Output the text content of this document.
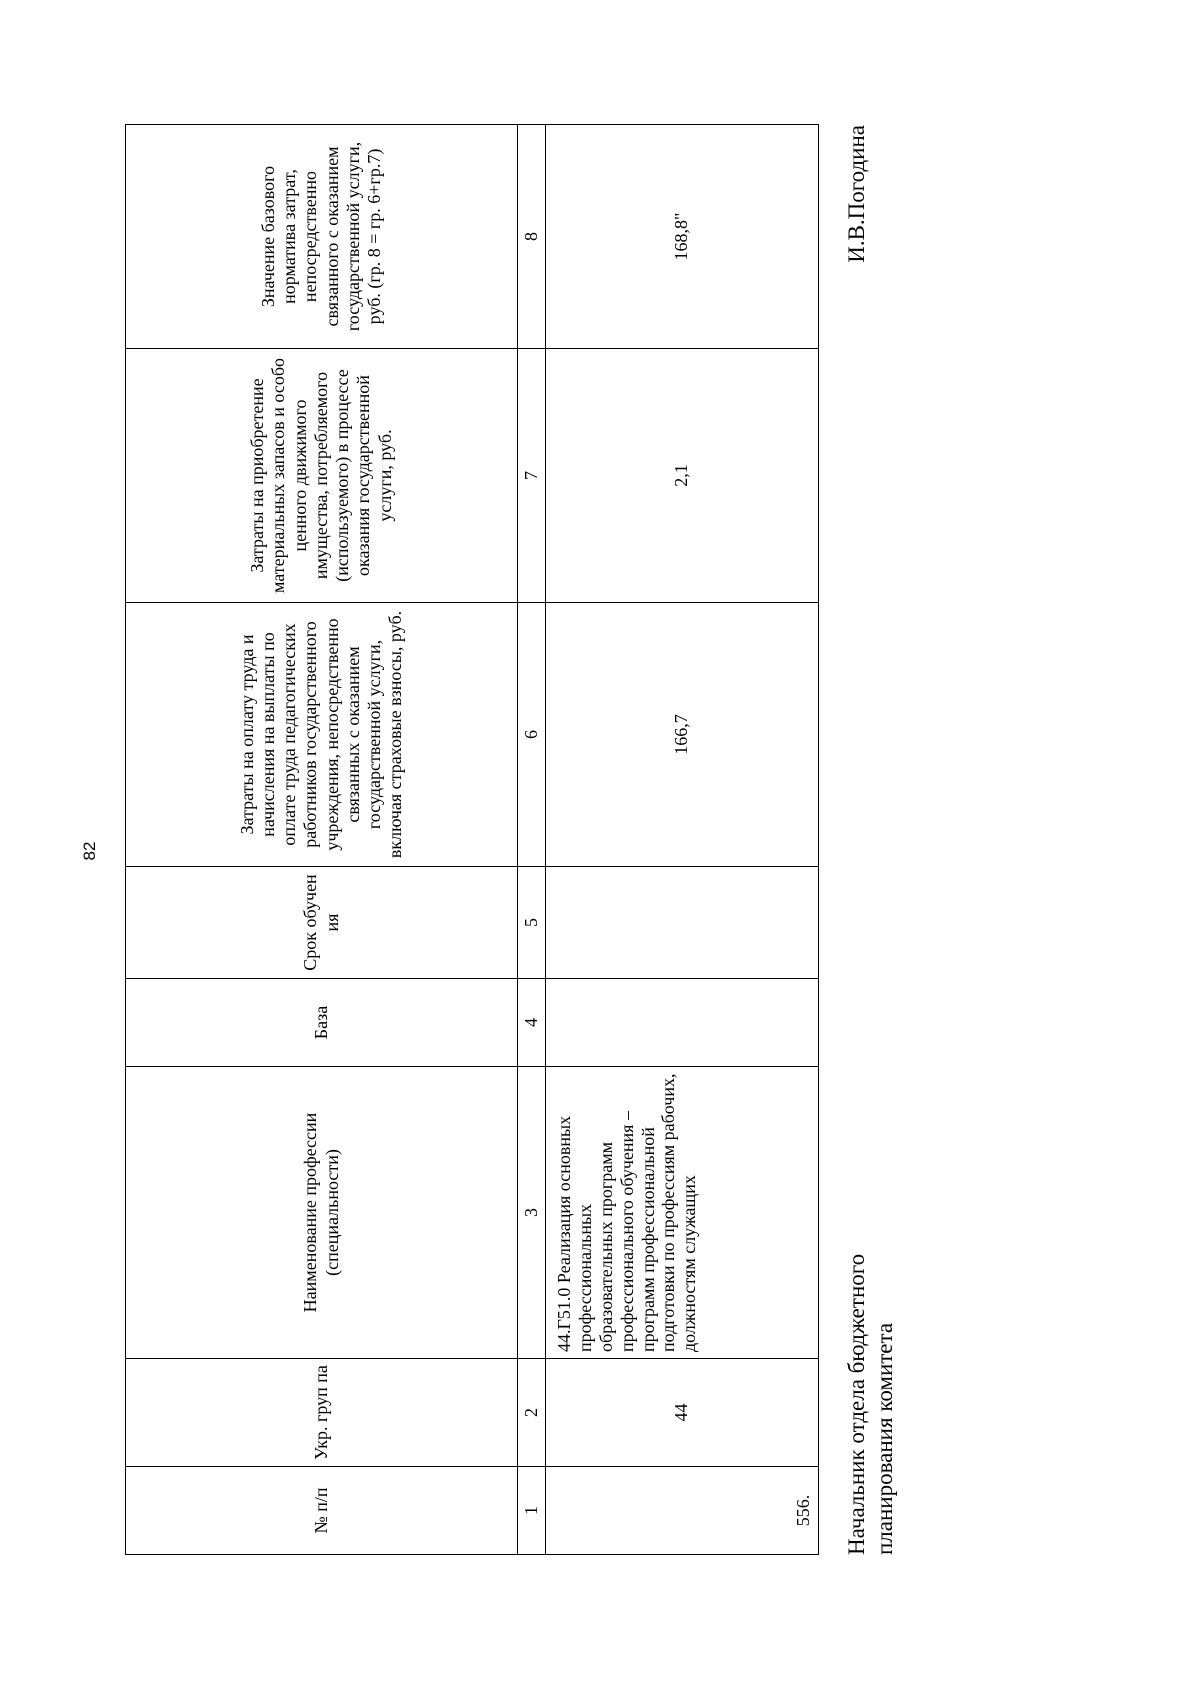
82
№ п/п	Укр. груп па	Наименование профессии (специальности)	База	Срок обучен ия	Затраты на оплату труда и начисления на выплаты по оплате труда педагогических работников государственного учреждения, непосредственно связанных с оказанием государственной услуги, включая страховые взносы, руб.	Затраты на приобретение материальных запасов и особо ценного движимого имущества, потребляемого (используемого) в процессе оказания государственной услуги, руб.	Значение базового норматива затрат, непосредственно связанного с оказанием государственной услуги, руб. (гр. 8 = гр. 6+гр.7)
1	2	3	4	5	6	7	8
556.	44	44.Г51.0 Реализация основных профессиональных образовательных программ профессионального обучения – программ профессиональной подготовки по профессиям рабочих, должностям служащих			166,7	2,1	168,8"
Начальник отдела бюджетного планирования комитета
И.В.Погодина
